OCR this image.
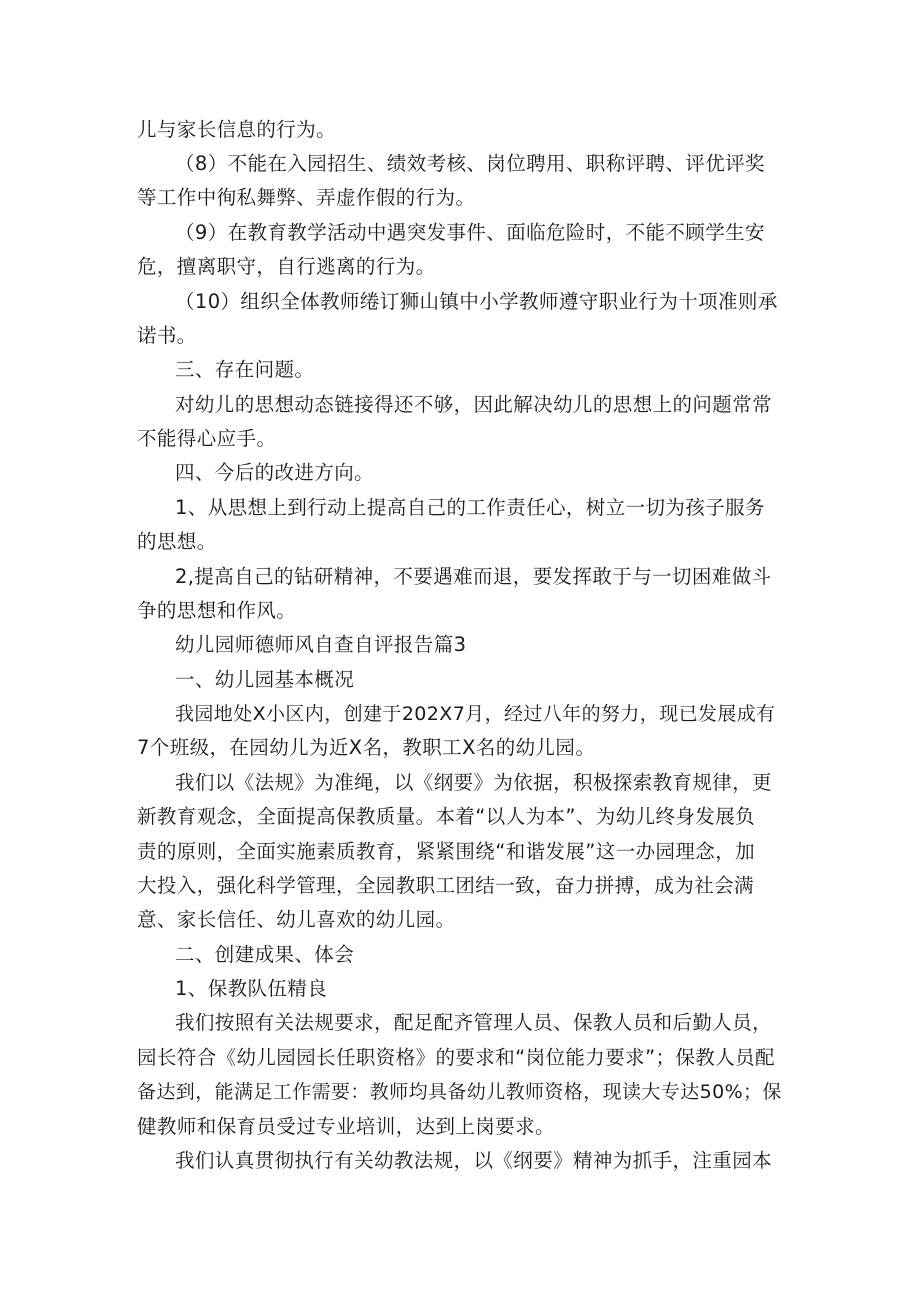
儿与家长信息的行为。

（8）不能在入园招生、绩效考核、岗位聘用、职称评聘、评优评奖

等工作中徇私舞弊、弄虚作假的行为。

（9）在教育教学活动中遇突发事件、面临危险时，不能不顾学生安

危，擅离职守，自行逃离的行为。

（10）组织全体教师绻订狮山镇中小学教师遵守职业行为十项准则承

诺书。

三、存在问题。

对幼儿的思想动态链接得还不够，因此解决幼儿的思想上的问题常常

不能得心应手。

四、今后的改进方向。

1、从思想上到行动上提高自己的工作责任心，树立一切为孩子服务

的思想。

2,提高自己的钻研精神，不要遇难而退，要发挥敢于与一切困难做斗

争的思想和作风。

幼儿园师德师风自查自评报告篇3

一、幼儿园基本概况

我园地处X小区内，创建于202X7月，经过八年的努力，现已发展成有

7个班级，在园幼儿为近X名，教职工X名的幼儿园。

我们以《法规》为准绳，以《纲要》为依据，积极探索教育规律，更

新教育观念，全面提高保教质量。本着“以人为本”、为幼儿终身发展负

责的原则，全面实施素质教育，紧紧围绕“和谐发展”这一办园理念，加

大投入，强化科学管理，全园教职工团结一致，奋力拼搏，成为社会满

意、家长信任、幼儿喜欢的幼儿园。

二、创建成果、体会

1、保教队伍精良

我们按照有关法规要求，配足配齐管理人员、保教人员和后勤人员，

园长符合《幼儿园园长任职资格》的要求和“岗位能力要求”；保教人员配

备达到，能满足工作需要：教师均具备幼儿教师资格，现读大专达50%；保

健教师和保育员受过专业培训，达到上岗要求。

我们认真贯彻执行有关幼教法规，以《纲要》精神为抓手，注重园本
